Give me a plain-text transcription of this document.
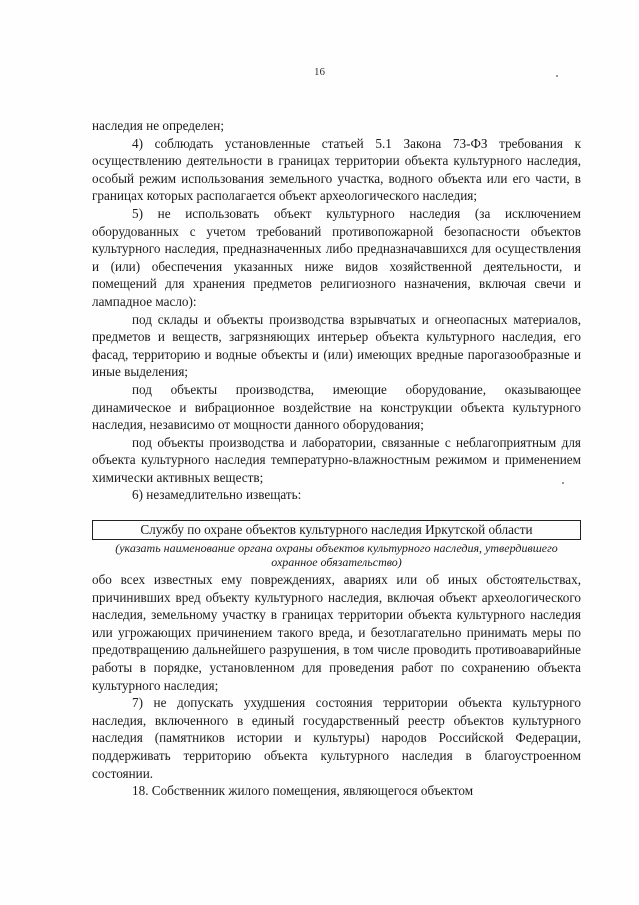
16

наследия не определен;

4) соблюдать установленные статьей 5.1 Закона 73-ФЗ требования к осуществлению деятельности в границах территории объекта культурного наследия, особый режим использования земельного участка, водного объекта или его части, в границах которых располагается объект археологического наследия;

5) не использовать объект культурного наследия (за исключением оборудованных с учетом требований противопожарной безопасности объектов культурного наследия, предназначенных либо предназначавшихся для осуществления и (или) обеспечения указанных ниже видов хозяйственной деятельности, и помещений для хранения предметов религиозного назначения, включая свечи и лампадное масло):

под склады и объекты производства взрывчатых и огнеопасных материалов, предметов и веществ, загрязняющих интерьер объекта культурного наследия, его фасад, территорию и водные объекты и (или) имеющих вредные парогазообразные и иные выделения;

под объекты производства, имеющие оборудование, оказывающее динамическое и вибрационное воздействие на конструкции объекта культурного наследия, независимо от мощности данного оборудования;

под объекты производства и лаборатории, связанные с неблагоприятным для объекта культурного наследия температурно-влажностным режимом и применением химически активных веществ;

6) незамедлительно извещать:

Службу по охране объектов культурного наследия Иркутской области
(указать наименование органа охраны объектов культурного наследия, утвердившего охранное обязательство)

обо всех известных ему повреждениях, авариях или об иных обстоятельствах, причинивших вред объекту культурного наследия, включая объект археологического наследия, земельному участку в границах территории объекта культурного наследия или угрожающих причинением такого вреда, и безотлагательно принимать меры по предотвращению дальнейшего разрушения, в том числе проводить противоаварийные работы в порядке, установленном для проведения работ по сохранению объекта культурного наследия;

7) не допускать ухудшения состояния территории объекта культурного наследия, включенного в единый государственный реестр объектов культурного наследия (памятников истории и культуры) народов Российской Федерации, поддерживать территорию объекта культурного наследия в благоустроенном состоянии.

18. Собственник жилого помещения, являющегося объектом
